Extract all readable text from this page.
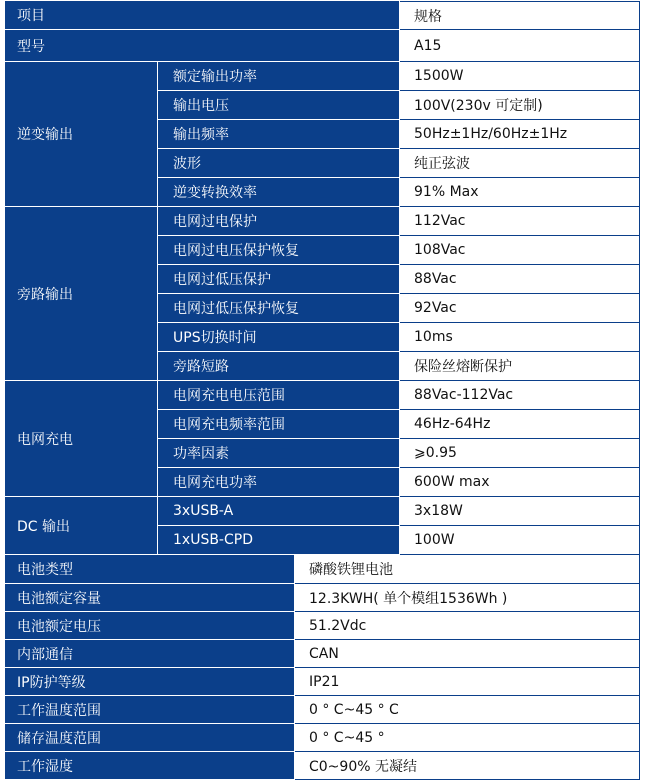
项目	规格
型号	A15
逆变输出
额定输出功率	1500W
输出电压	100V(230v 可定制)
输出频率	50Hz±1Hz/60Hz±1Hz
波形	纯正弦波
逆变转换效率	91% Max
旁路输出
电网过电保护	112Vac
电网过电压保护恢复	108Vac
电网过低压保护	88Vac
电网过低压保护恢复	92Vac
UPS切换时间	10ms
旁路短路	保险丝熔断保护
电网充电
电网充电电压范围	88Vac-112Vac
电网充电频率范围	46Hz-64Hz
功率因素	⩾0.95
电网充电功率	600W max
DC 输出
3xUSB-A	3x18W
1xUSB-CPD	100W
电池类型	磷酸铁锂电池
电池额定容量	12.3KWH( 单个模组1536Wh )
电池额定电压	51.2Vdc
内部通信	CAN
IP防护等级	IP21
工作温度范围	0 ° C~45 ° C
储存温度范围	0 ° C~45 °
工作湿度	C0~90% 无凝结
